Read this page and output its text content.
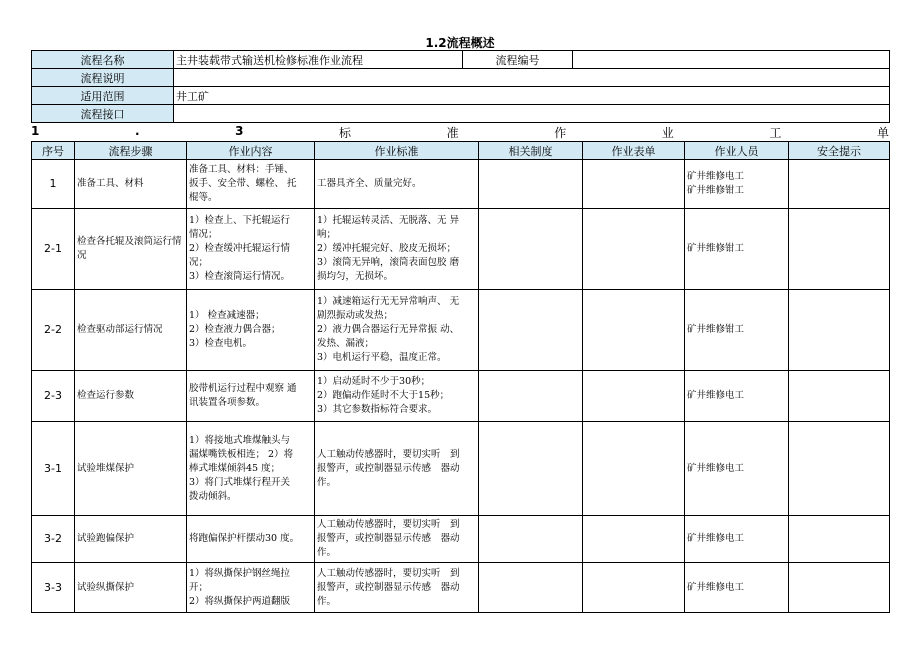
1.2流程概述
流程名称	主井装载带式输送机检修标准作业流程	流程编号	
流程说明			
适用范围	井工矿		
流程接口			
1	.	3	标	准	作	业	工	单
序号	流程步骤	作业内容	作业标准	相关制度	作业表单	作业人员	安全提示
1	准备工具、材料	准备工具、材料：手锤、
扳手、安全带、螺栓、 托
棍等。	工器具齐全、质量完好。			矿井维修电工
矿井维修钳工	

2-1	检查各托辊及滚筒运行情况	1）检查上、下托辊运行
情况；
2）检查缓冲托辊运行情
况；
3）检查滚筒运行情况。	1）托辊运转灵活、无脱落、无 异
响；
2）缓冲托辊完好、胶皮无损坏；
3）滚筒无异响，滚筒表面包胶 磨
损均匀，无损坏。			矿井维修钳工	

2-2	检查驱动部运行情况	1） 检查减速器；
2）检查液力偶合器；
3）检查电机。	1）减速箱运行无无异常响声、 无
剧烈振动或发热；
2）液力偶合器运行无异常振 动、
发热、漏液；
3）电机运行平稳，温度正常。			矿井维修钳工	

2-3	检查运行参数	胶带机运行过程中观察 通
讯装置各项参数。	1）启动延时不少于30秒；
2）跑偏动作延时不大于15秒；
3）其它参数指标符合要求。			矿井维修电工	

3-1	试验堆煤保护	1）将接地式堆煤触头与
漏煤嘴铁板相连； 2）将
棒式堆煤倾斜45 度；
3）将门式堆煤行程开关
拨动倾斜。	人工触动传感器时，要切实听　到
报警声，或控制器显示传感　器动
作。			矿井维修电工	

3-2	试验跑偏保护	将跑偏保护杆摆动30 度。	人工触动传感器时，要切实听　到
报警声，或控制器显示传感　器动
作。			矿井维修电工	

3-3	试验纵撕保护	1）将纵撕保护钢丝绳拉
开；
2）将纵撕保护两道翻版	人工触动传感器时，要切实听　到
报警声，或控制器显示传感　器动
作。			矿井维修电工	
